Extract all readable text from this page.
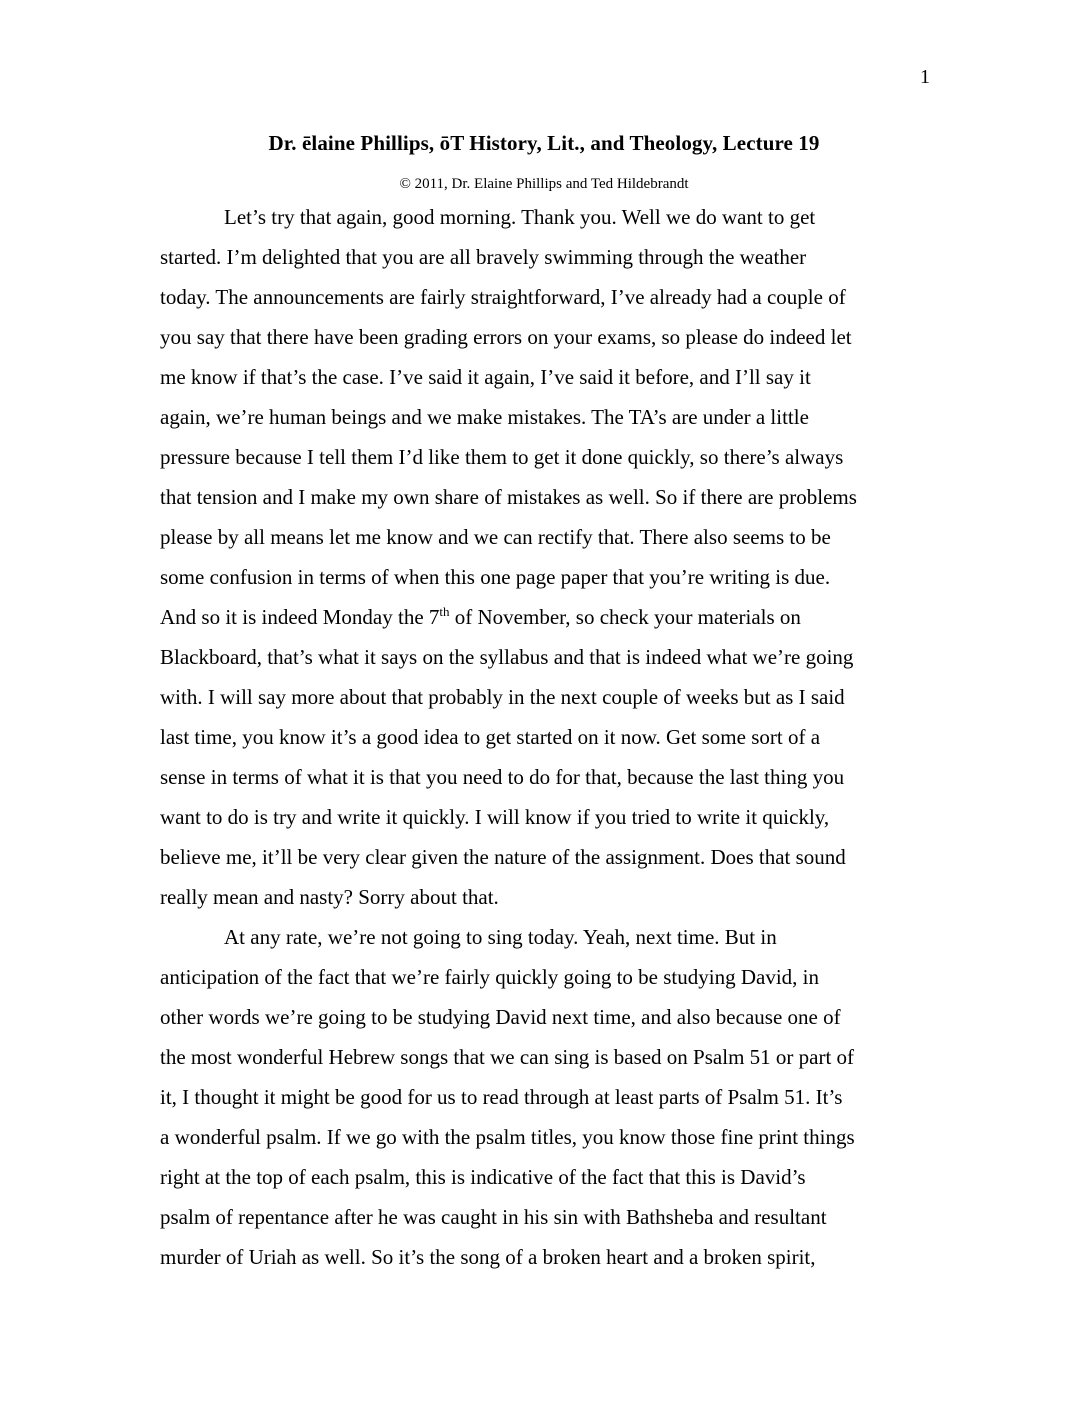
1
Dr. ēlaine Phillips, ōT History, Lit., and Theology, Lecture 19
© 2011, Dr. Elaine Phillips and Ted Hildebrandt
Let’s try that again, good morning. Thank you. Well we do want to get
started. I’m delighted that you are all bravely swimming through the weather
today. The announcements are fairly straightforward, I’ve already had a couple of
you say that there have been grading errors on your exams, so please do indeed let
me know if that’s the case. I’ve said it again, I’ve said it before, and I’ll say it
again, we’re human beings and we make mistakes. The TA’s are under a little
pressure because I tell them I’d like them to get it done quickly, so there’s always
that tension and I make my own share of mistakes as well. So if there are problems
please by all means let me know and we can rectify that. There also seems to be
some confusion in terms of when this one page paper that you’re writing is due.
And so it is indeed Monday the 7th of November, so check your materials on
Blackboard, that’s what it says on the syllabus and that is indeed what we’re going
with. I will say more about that probably in the next couple of weeks but as I said
last time, you know it’s a good idea to get started on it now. Get some sort of a
sense in terms of what it is that you need to do for that, because the last thing you
want to do is try and write it quickly. I will know if you tried to write it quickly,
believe me, it’ll be very clear given the nature of the assignment. Does that sound
really mean and nasty? Sorry about that.
At any rate, we’re not going to sing today. Yeah, next time. But in
anticipation of the fact that we’re fairly quickly going to be studying David, in
other words we’re going to be studying David next time, and also because one of
the most wonderful Hebrew songs that we can sing is based on Psalm 51 or part of
it, I thought it might be good for us to read through at least parts of Psalm 51. It’s
a wonderful psalm. If we go with the psalm titles, you know those fine print things
right at the top of each psalm, this is indicative of the fact that this is David’s
psalm of repentance after he was caught in his sin with Bathsheba and resultant
murder of Uriah as well. So it’s the song of a broken heart and a broken spirit,
